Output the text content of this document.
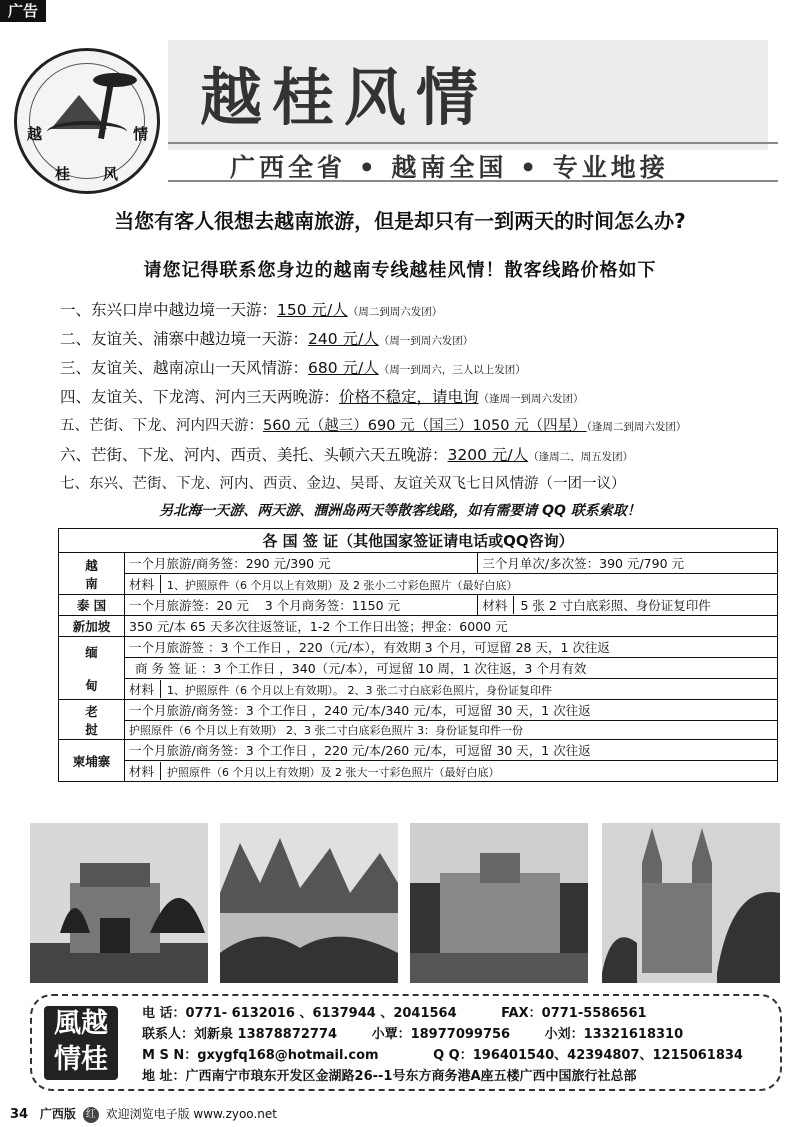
广告
越
桂 风
情 越桂风情
广西全省 • 越南全国 • 专业地接
当您有客人很想去越南旅游，但是却只有一到两天的时间怎么办?
请您记得联系您身边的越南专线越桂风情！散客线路价格如下
一、东兴口岸中越边境一天游：150 元/人（周二到周六发团）
二、友谊关、浦寨中越边境一天游：240 元/人（周一到周六发团）
三、友谊关、越南凉山一天风情游：680 元/人（周一到周六，三人以上发团）
四、友谊关、下龙湾、河内三天两晚游：价格不稳定，请电询（逢周一到周六发团）
五、芒街、下龙、河内四天游：560 元（越三）690 元（国三）1050 元（四星）（逢周二到周六发团）
六、芒街、下龙、河内、西贡、美托、头顿六天五晚游：3200 元/人（逢周二、周五发团）
七、东兴、芒街、下龙、河内、西贡、金边、吴哥、友谊关双飞七日风情游（一团一议）
另北海一天游、两天游、涠洲岛两天等散客线路，如有需要请 QQ 联系索取！
各 国 签 证（其他国家签证请电话或QQ咨询）		
越
南	一个月旅游/商务签：290 元/390 元	三个月单次/多次签：390 元/790 元
	材料 1、护照原件（6 个月以上有效期）及 2 张小二寸彩色照片（最好白底）	
泰 国	一个月旅游签：20 元 3 个月商务签：1150 元	材料 5 张 2 寸白底彩照、身份证复印件
新加坡	350 元/本 65 天多次往返签证，1-2 个工作日出签；押金：6000 元	
缅

甸	一个月旅游签 ：3 个工作日 ，220（元/本），有效期 3 个月，可逗留 28 天，1 次往返	
	商 务 签 证 ：3 个工作日 ，340（元/本），可逗留 10 周，1 次往返，3 个月有效	
	材料 1、护照原件（6 个月以上有效期）。 2、3 张二寸白底彩色照片，身份证复印件	
老
挝	一个月旅游/商务签：3 个工作日 ，240 元/本/340 元/本，可逗留 30 天，1 次往返	
	护照原件（6 个月以上有效期） 2、3 张二寸白底彩色照片 3：身份证复印件一份	
柬埔寨	一个月旅游/商务签：3 个工作日 ，220 元/本/260 元/本，可逗留 30 天，1 次往返	
	材料 护照原件（6 个月以上有效期）及 2 张大一寸彩色照片（最好白底）	
風越
情桂
电 话：0771- 6132016 、6137944 、2041564	FAX：0771-5586561
联系人：刘新泉 13878872774	小覃：18977099756	小刘：13321618310
M S N：gxygfq168@hotmail.com	Q Q：196401540、42394807、1215061834
地 址：广西南宁市琅东开发区金湖路26--1号东方商务港A座五楼广西中国旅行社总部
34 广西版 红 欢迎浏览电子版 www.zyoo.net
